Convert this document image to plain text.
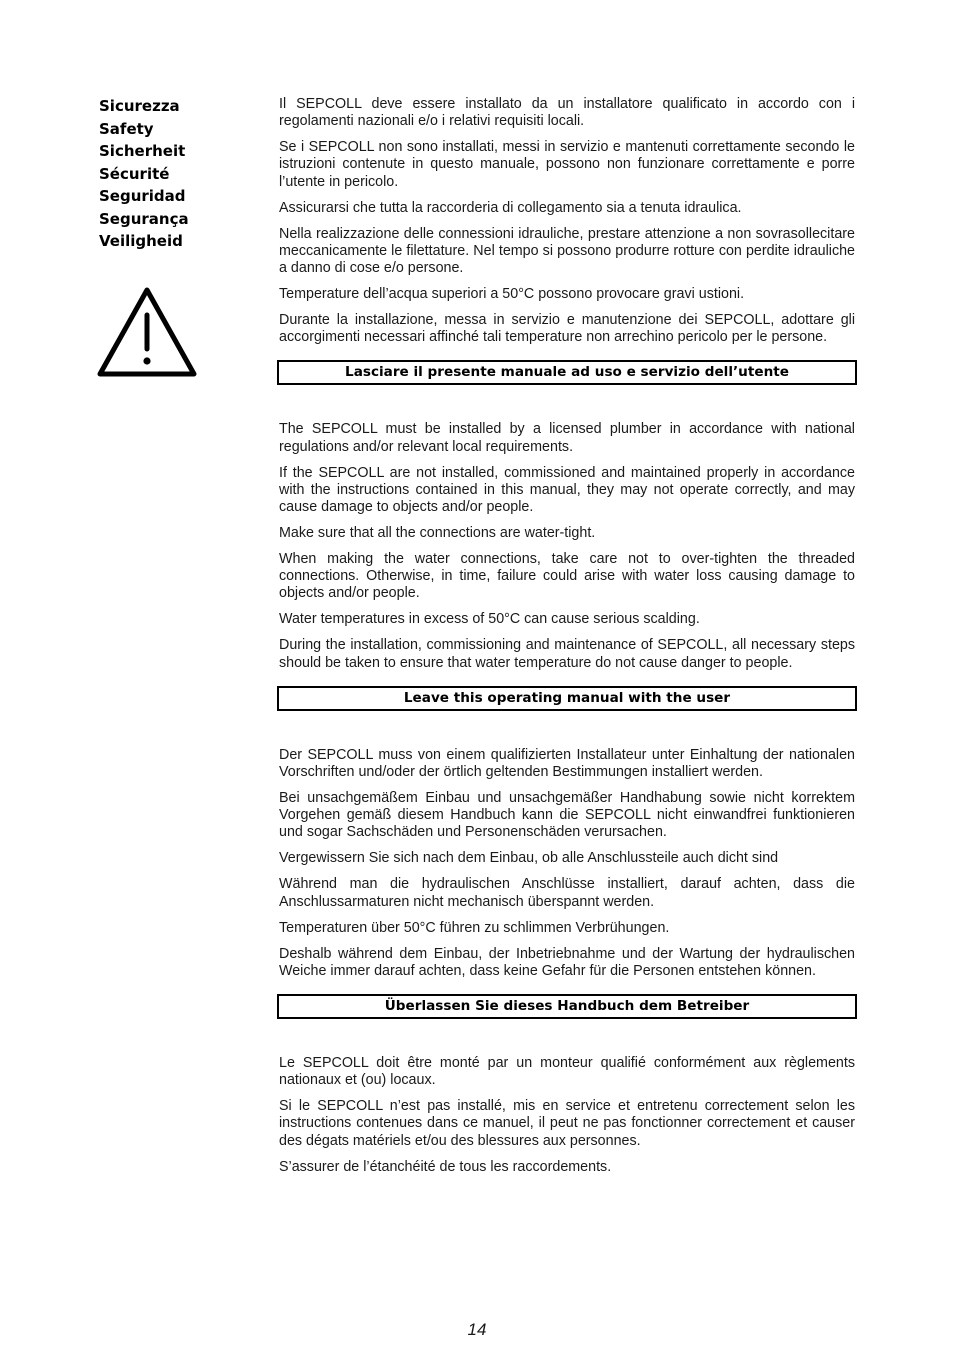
Sicurezza
Safety
Sicherheit
Sécurité
Seguridad
Segurança
Veiligheid

Il SEPCOLL deve essere installato da un installatore qualificato in accordo con i regolamenti nazionali e/o i relativi requisiti locali.

Se i SEPCOLL non sono installati, messi in servizio e mantenuti correttamente secondo le istruzioni contenute in questo manuale, possono non funzionare correttamente e porre l’utente in pericolo.

Assicurarsi che tutta la raccorderia di collegamento sia a tenuta idraulica.

Nella realizzazione delle connessioni idrauliche, prestare attenzione a non sovrasollecitare meccanicamente le filettature. Nel tempo si possono produrre rotture con perdite idrauliche a danno di cose e/o persone.

Temperature dell’acqua superiori a 50°C possono provocare gravi ustioni.

Durante la installazione, messa in servizio e manutenzione dei SEPCOLL, adottare gli accorgimenti necessari affinché tali temperature non arrechino pericolo per le persone.

Lasciare il presente manuale ad uso e servizio dell’utente

The SEPCOLL must be installed by a licensed plumber in accordance with national regulations and/or relevant local requirements.

If the SEPCOLL are not installed, commissioned and maintained properly in accordance with the instructions contained in this manual, they may not operate correctly, and may cause damage to objects and/or people.

Make sure that all the connections are water-tight.

When making the water connections, take care not to over-tighten the threaded connections. Otherwise, in time, failure could arise with water loss causing damage to objects and/or people.

Water temperatures in excess of 50°C can cause serious scalding.

During the installation, commissioning and maintenance of SEPCOLL, all necessary steps should be taken to ensure that water temperature do not cause danger to people.

Leave this operating manual with the user

Der SEPCOLL muss von einem qualifizierten Installateur unter Einhaltung der nationalen Vorschriften und/oder der örtlich geltenden Bestimmungen installiert werden.

Bei unsachgemäßem Einbau und unsachgemäßer Handhabung sowie nicht korrektem Vorgehen gemäß diesem Handbuch kann die SEPCOLL nicht einwandfrei funktionieren und sogar Sachschäden und Personenschäden verursachen.

Vergewissern Sie sich nach dem Einbau, ob alle Anschlussteile auch dicht sind

Während man die hydraulischen Anschlüsse installiert, darauf achten, dass die Anschlussarmaturen nicht mechanisch überspannt werden.

Temperaturen über 50°C führen zu schlimmen Verbrühungen.

Deshalb während dem Einbau, der Inbetriebnahme und der Wartung der hydraulischen Weiche immer darauf achten, dass keine Gefahr für die Personen entstehen können.

Überlassen Sie dieses Handbuch dem Betreiber

Le SEPCOLL doit être monté par un monteur qualifié conformément aux règlements nationaux et (ou) locaux.

Si le SEPCOLL n’est pas installé, mis en service et entretenu correctement selon les instructions contenues dans ce manuel, il peut ne pas fonctionner correctement et causer des dégats matériels et/ou des blessures aux personnes.

S’assurer de l’étanchéité de tous les raccordements.

14
